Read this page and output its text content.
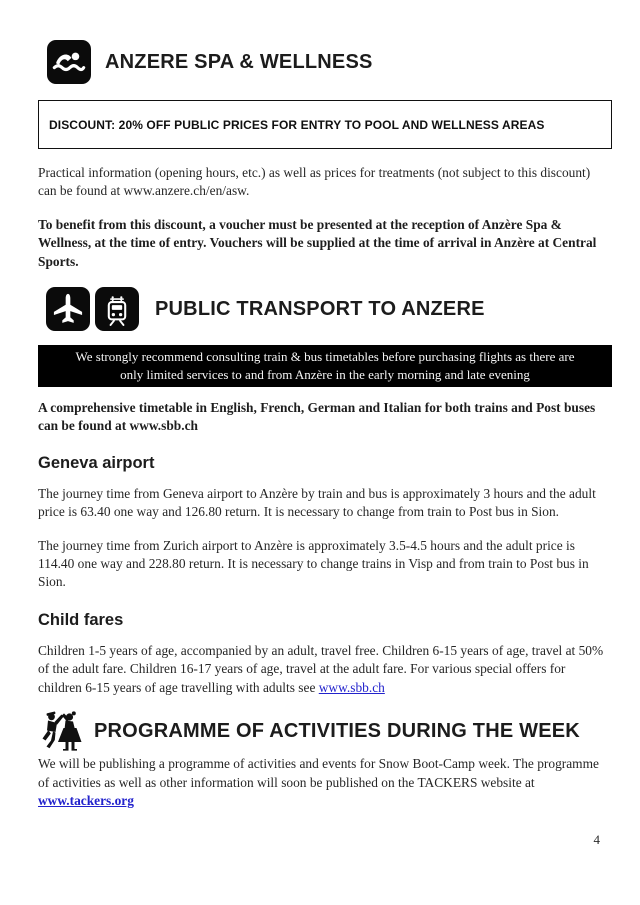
ANZERE SPA & WELLNESS
DISCOUNT: 20% OFF PUBLIC PRICES FOR ENTRY TO POOL AND WELLNESS AREAS

Practical information (opening hours, etc.) as well as prices for treatments (not subject to this discount) can be found at www.anzere.ch/en/asw.

To benefit from this discount, a voucher must be presented at the reception of Anzère Spa & Wellness, at the time of entry. Vouchers will be supplied at the time of arrival in Anzère at Central Sports.

PUBLIC TRANSPORT TO ANZERE
We strongly recommend consulting train & bus timetables before purchasing flights as there are only limited services to and from Anzère in the early morning and late evening

A comprehensive timetable in English, French, German and Italian for both trains and Post buses can be found at www.sbb.ch

Geneva airport

The journey time from Geneva airport to Anzère by train and bus is approximately 3 hours and the adult price is 63.40 one way and 126.80 return. It is necessary to change from train to Post bus in Sion.

The journey time from Zurich airport to Anzère is approximately 3.5-4.5 hours and the adult price is 114.40 one way and 228.80 return. It is necessary to change trains in Visp and from train to Post bus in Sion.

Child fares

Children 1-5 years of age, accompanied by an adult, travel free. Children 6-15 years of age, travel at 50% of the adult fare. Children 16-17 years of age, travel at the adult fare. For various special offers for children 6-15 years of age travelling with adults see www.sbb.ch

PROGRAMME OF ACTIVITIES DURING THE WEEK

We will be publishing a programme of activities and events for Snow Boot-Camp week. The programme of activities as well as other information will soon be published on the TACKERS website at www.tackers.org

4
